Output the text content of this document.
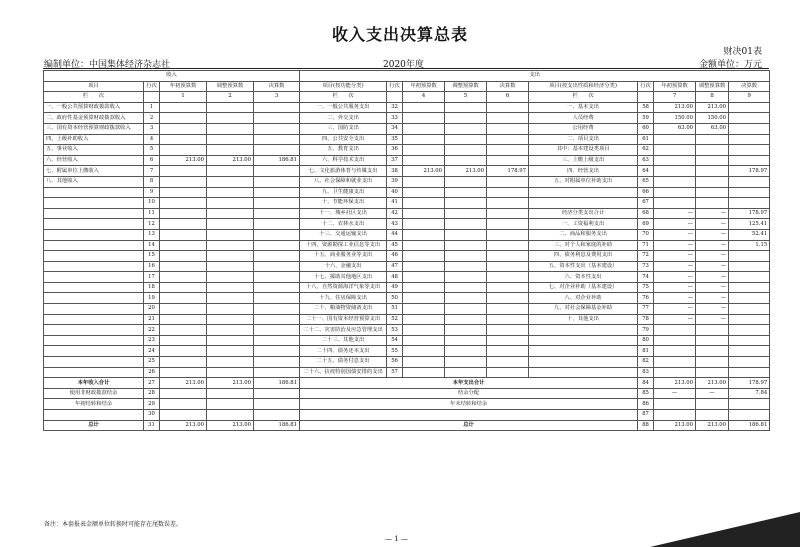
收入支出决算总表
财决01表
编制单位：中国集体经济杂志社	2020年度	金额单位：万元
收入					支出									
项目	行次	年初预算数	调整预算数	决算数	项目(按功能分类)	行次	年初预算数	调整预算数	决算数	项目(按支出性质和经济分类)	行次	年初预算数	调整预算数	决算数
栏　　次		1	2	3	栏　　次		4	5	6	栏　　次		7	8	9
一、一般公共预算财政拨款收入	1				一、一般公共服务支出	32				一、基本支出	58	213.00	213.00	
二、政府性基金预算财政拨款收入	2				二、外交支出	33				人员经费	59	150.00	150.00	
三、国有资本经营预算财政拨款收入	3				三、国防支出	34				公用经费	60	63.00	63.00	
四、上级补助收入	4				四、公共安全支出	35				二、项目支出	61			
五、事业收入	5				五、教育支出	36				其中：基本建设类项目	62			
六、经营收入	6	213.00	213.00	186.81	六、科学技术支出	37				三、上缴上级支出	63			
七、附属单位上缴收入	7				七、文化旅游体育与传媒支出	38	213.00	213.00	178.97	四、经营支出	64			178.97
八、其他收入	8				八、社会保障和就业支出	39				五、对附属单位补助支出	65			
	9				九、卫生健康支出	40					66			
	10				十、节能环保支出	41					67			
	11				十一、城乡社区支出	42				经济分类支出合计	68	—	—	178.97
	12				十二、农林水支出	43				一、工资福利支出	69	—	—	125.41
	13				十三、交通运输支出	44				二、商品和服务支出	70	—	—	52.41
	14				十四、资源勘探工业信息等支出	45				三、对个人和家庭的补助	71	—	—	1.15
	15				十五、商业服务业等支出	46				四、债务利息及费用支出	72	—	—	
	16				十六、金融支出	47				五、资本性支出（基本建设）	73	—	—	
	17				十七、援助其他地区支出	48				六、资本性支出	74	—	—	
	18				十八、自然资源海洋气象等支出	49				七、对企业补助（基本建设）	75	—	—	
	19				十九、住房保障支出	50				八、对企业补助	76	—	—	
	20				二十、粮油物资储备支出	51				九、对社会保障基金补助	77	—	—	
	21				二十一、国有资本经营预算支出	52				十、其他支出	78	—	—	
	22				二十二、灾害防治及应急管理支出	53					79			
	23				二十三、其他支出	54					80			
	24				二十四、债务还本支出	55					81			
	25				二十五、债务付息支出	56					82			
	26				二十六、抗疫特别国债安排的支出	57					83			
本年收入合计	27	213.00	213.00	186.81	本年支出合计						84	213.00	213.00	178.97
使用非财政拨款结余	28				结余分配						85	—	—	7.84
年初结转和结余	29				年末结转和结余						86			
	30										87			
总计	31	213.00	213.00	186.81	总计						88	213.00	213.00	186.81
备注：本套报表金额单位转换时可能存在尾数误差。
— 1 —
